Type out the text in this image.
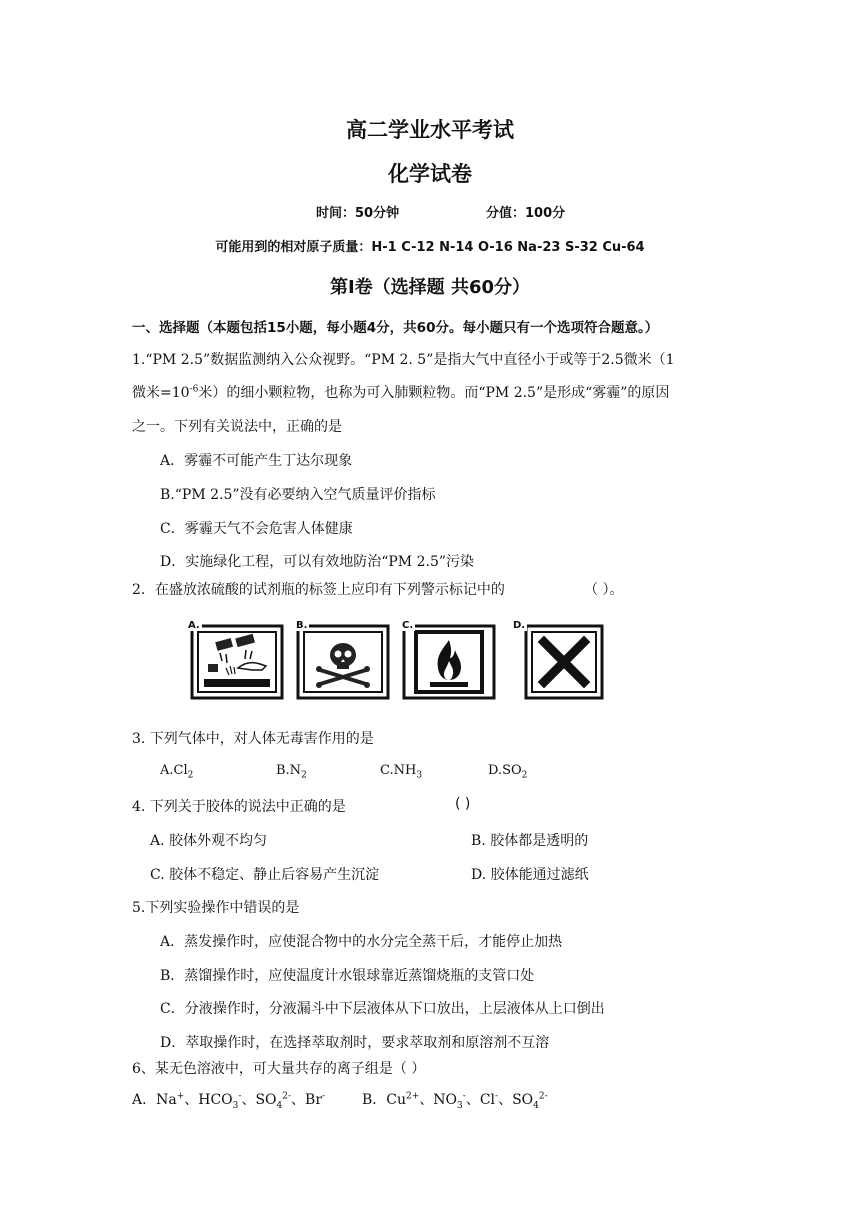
高二学业水平考试
化学试卷
时间：50分钟	分值：100分
可能用到的相对原子质量：H-1 C-12 N-14 O-16 Na-23 S-32 Cu-64
第Ⅰ卷（选择题 共60分）
一、选择题（本题包括15小题，每小题4分，共60分。每小题只有一个选项符合题意。）
1.“PM 2.5”数据监测纳入公众视野。“PM 2. 5”是指大气中直径小于或等于2.5微米（1
微米$=10^{-6}$米）的细小颗粒物，也称为可入肺颗粒物。而“PM 2.5”是形成“雾霾”的原因
之一。下列有关说法中，正确的是
A．雾霾不可能产生丁达尔现象
B.“PM 2.5”没有必要纳入空气质量评价指标
C．雾霾天气不会危害人体健康
D．实施绿化工程，可以有效地防治“PM 2.5”污染
2．在盛放浓硫酸的试剂瓶的标签上应印有下列警示标记中的	（ ）。
A.	B.	C.	D.
3. 下列气体中，对人体无毒害作用的是
$A.Cl_2$	$B.N_2$	$C.NH_3$	$D.SO_2$
4. 下列关于胶体的说法中正确的是	( )
A. 胶体外观不均匀	B. 胶体都是透明的
C. 胶体不稳定、静止后容易产生沉淀	D. 胶体能通过滤纸
5.下列实验操作中错误的是
A．蒸发操作时，应使混合物中的水分完全蒸干后，才能停止加热
B．蒸馏操作时，应使温度计水银球靠近蒸馏烧瓶的支管口处
C．分液操作时，分液漏斗中下层液体从下口放出，上层液体从上口倒出
D．萃取操作时，在选择萃取剂时，要求萃取剂和原溶剂不互溶
6、某无色溶液中，可大量共存的离子组是（ ）
A．Na+、$HCO_3^-$、$SO_4^{2-}$、Br-	B．$Cu^{2+}$、$NO_3^-$、Cl-、$SO_4^{2-}$
